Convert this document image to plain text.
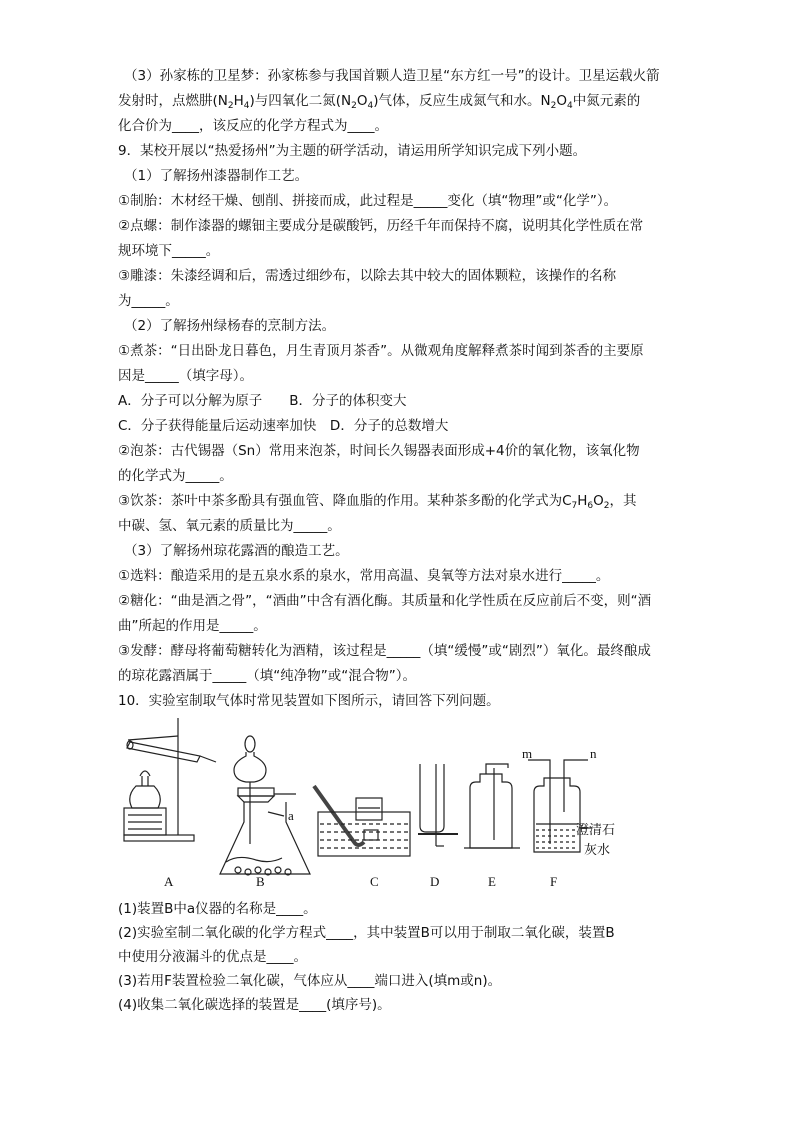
（3）孙家栋的卫星梦：孙家栋参与我国首颗人造卫星“东方红一号”的设计。卫星运载火箭
发射时，点燃肼$(N_2H_4)$与四氧化二氮$(N_2O_4)$气体，反应生成氮气和水。$N_2O_4$中氮元素的
化合价为____，该反应的化学方程式为____。
9．某校开展以“热爱扬州”为主题的研学活动，请运用所学知识完成下列小题。
（1）了解扬州漆器制作工艺。
①制胎：木材经干燥、刨削、拼接而成，此过程是_____变化（填“物理”或“化学”）。
②点螺：制作漆器的螺钿主要成分是碳酸钙，历经千年而保持不腐，说明其化学性质在常
规环境下_____。
③雕漆：朱漆经调和后，需透过细纱布，以除去其中较大的固体颗粒，该操作的名称
为_____。
（2）了解扬州绿杨春的烹制方法。
①煮茶：“日出卧龙日暮色，月生青顶月茶香”。从微观角度解释煮茶时闻到茶香的主要原
因是_____（填字母）。
A．分子可以分解为原子　　B．分子的体积变大
C．分子获得能量后运动速率加快　D．分子的总数增大
②泡茶：古代锡器（Sn）常用来泡茶，时间长久锡器表面形成+4价的氧化物，该氧化物
的化学式为_____。
③饮茶：茶叶中茶多酚具有强血管、降血脂的作用。某种茶多酚的化学式为$C_7H_6O_2$，其
中碳、氢、氧元素的质量比为_____。
（3）了解扬州琼花露酒的酿造工艺。
①选料：酿造采用的是五泉水系的泉水，常用高温、臭氧等方法对泉水进行_____。
②糖化：“曲是酒之骨”，“酒曲”中含有酒化酶。其质量和化学性质在反应前后不变，则“酒
曲”所起的作用是_____。
③发酵：酵母将葡萄糖转化为酒精，该过程是_____（填“缓慢”或“剧烈”）氧化。最终酿成
的琼花露酒属于_____（填“纯净物”或“混合物”）。
10．实验室制取气体时常见装置如下图所示，请回答下列问题。
a
m	n
澄清石
灰水
A	B	C	D	E	F
(1)装置B中a仪器的名称是____。
(2)实验室制二氧化碳的化学方程式____，其中装置B可以用于制取二氧化碳，装置B
中使用分液漏斗的优点是____。
(3)若用F装置检验二氧化碳，气体应从____端口进入(填m或n)。
(4)收集二氧化碳选择的装置是____(填序号)。
